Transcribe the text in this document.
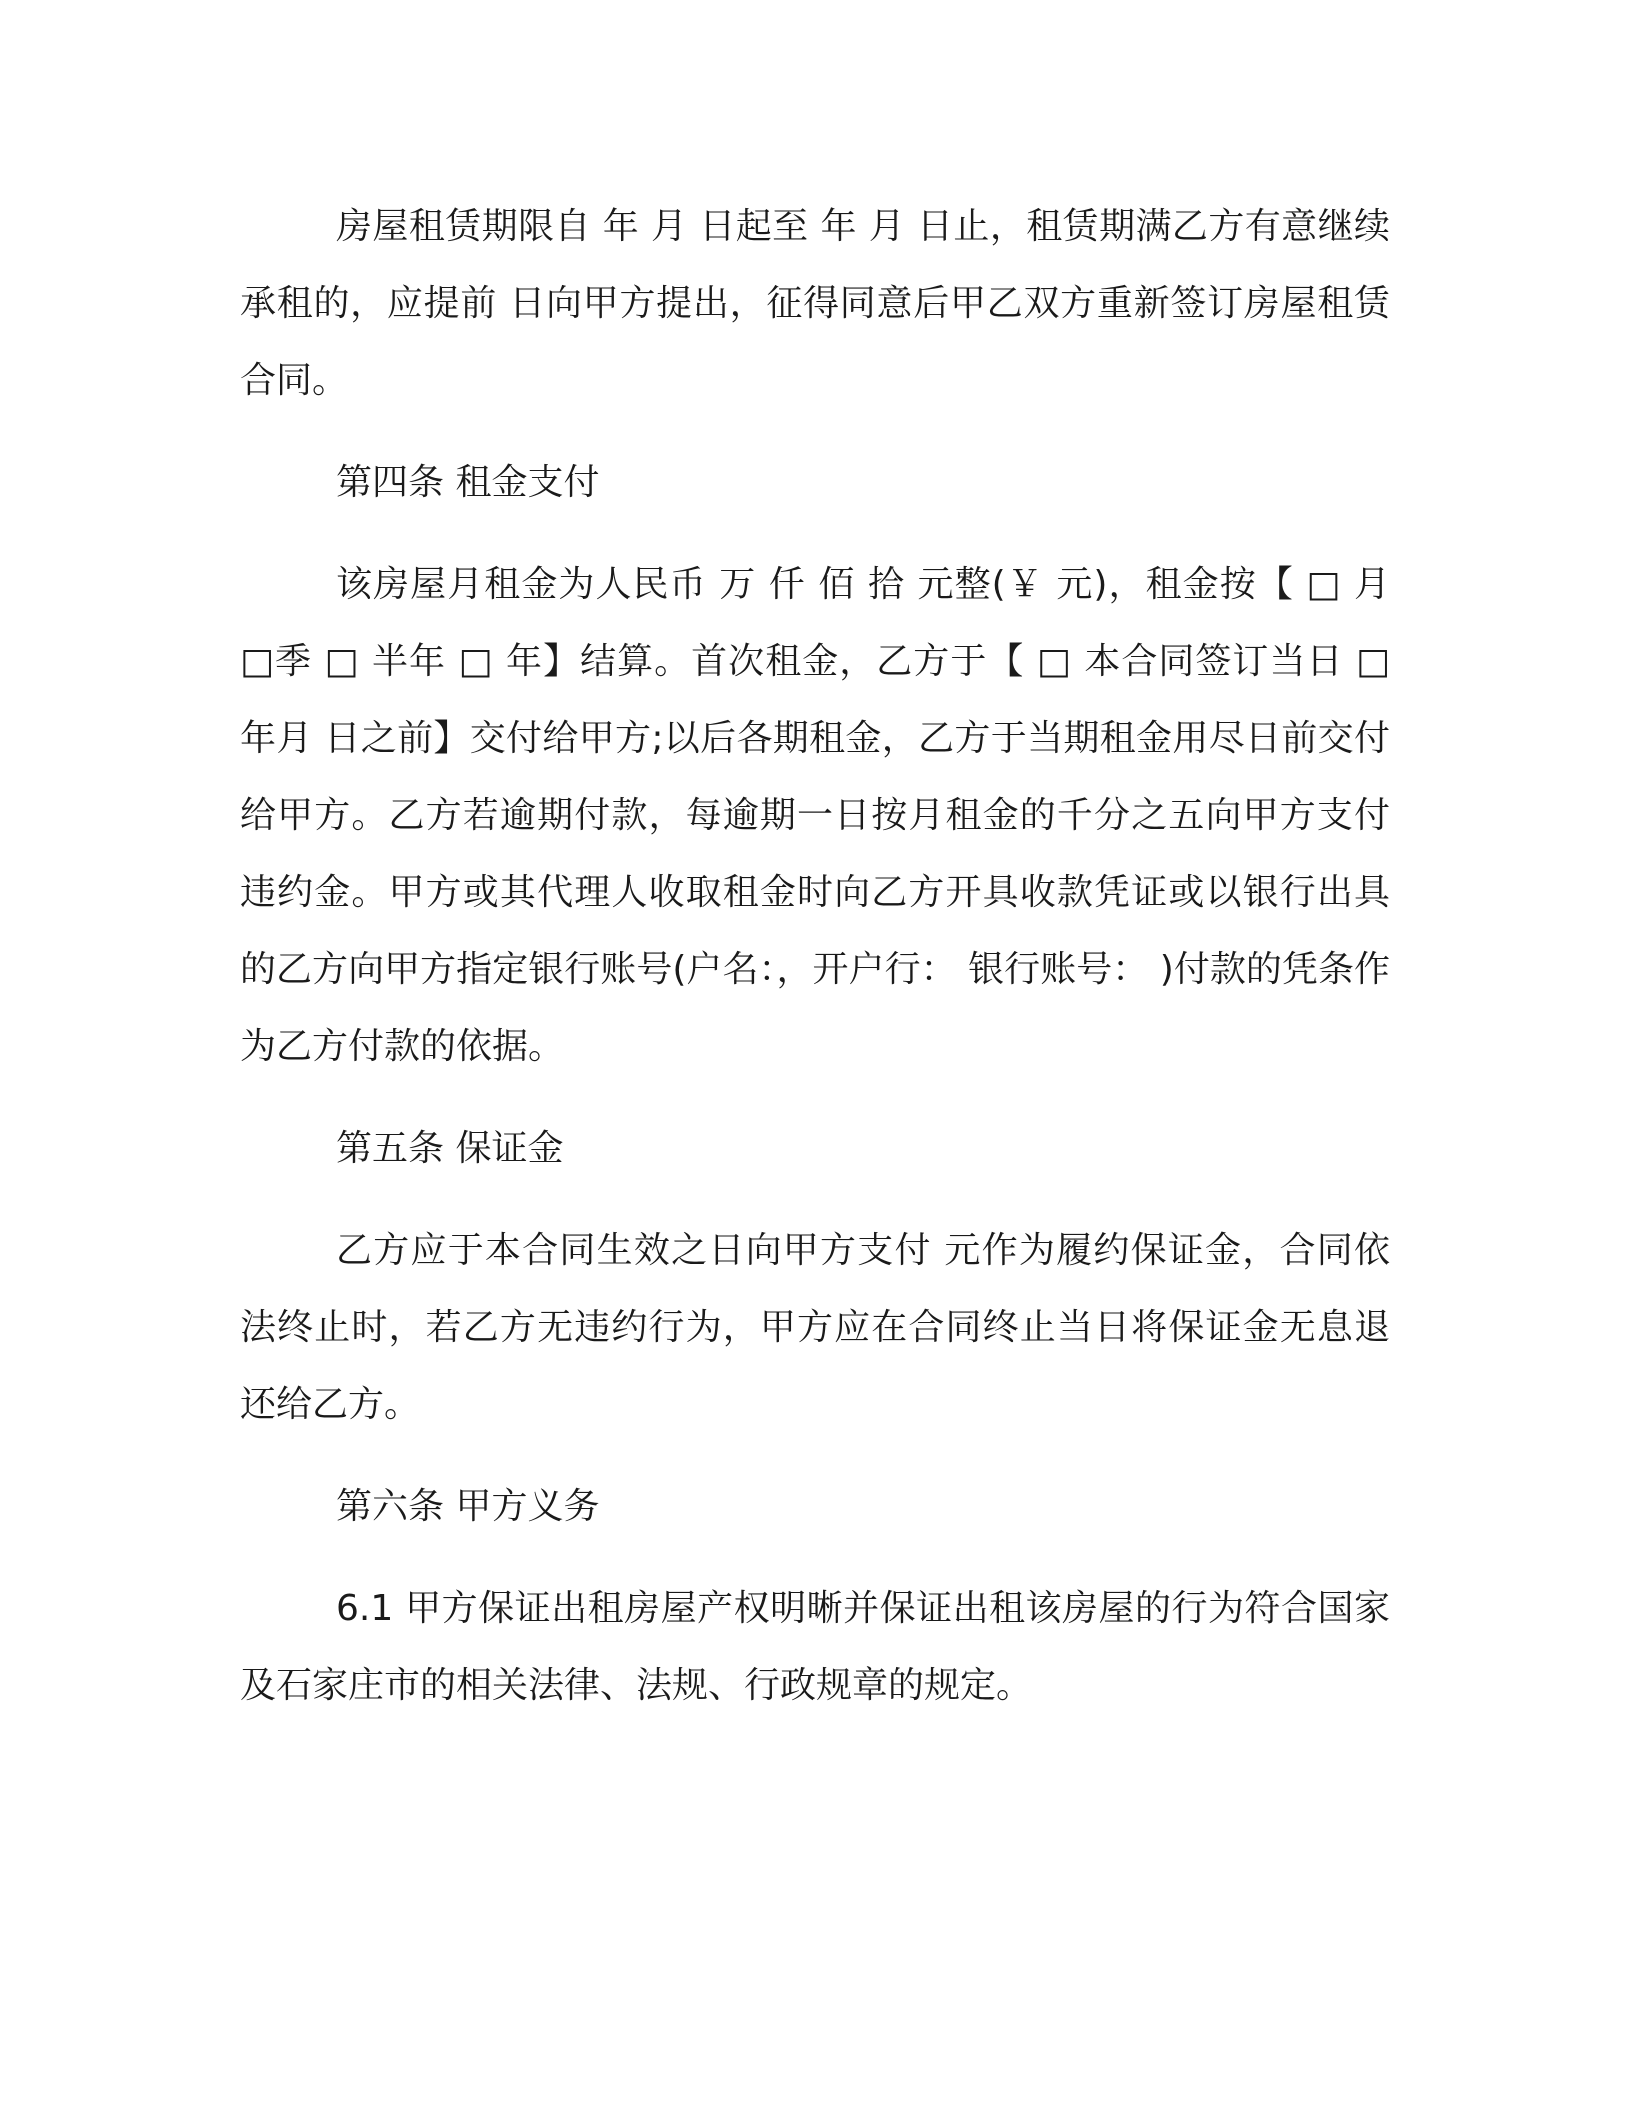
房屋租赁期限自 年 月 日起至 年 月 日止，租赁期满乙方有意继续承租的，应提前 日向甲方提出，征得同意后甲乙双方重新签订房屋租赁合同。

第四条 租金支付

该房屋月租金为人民币 万 仟 佰 拾 元整(￥ 元)，租金按【 □ 月 □季 □ 半年 □ 年】结算。首次租金，乙方于【 □ 本合同签订当日 □ 年月 日之前】交付给甲方;以后各期租金，乙方于当期租金用尽日前交付给甲方。乙方若逾期付款，每逾期一日按月租金的千分之五向甲方支付违约金。甲方或其代理人收取租金时向乙方开具收款凭证或以银行出具的乙方向甲方指定银行账号(户名：，开户行： 银行账号： )付款的凭条作为乙方付款的依据。

第五条 保证金

乙方应于本合同生效之日向甲方支付 元作为履约保证金，合同依法终止时，若乙方无违约行为，甲方应在合同终止当日将保证金无息退还给乙方。

第六条 甲方义务

6.1 甲方保证出租房屋产权明晰并保证出租该房屋的行为符合国家及石家庄市的相关法律、法规、行政规章的规定。
